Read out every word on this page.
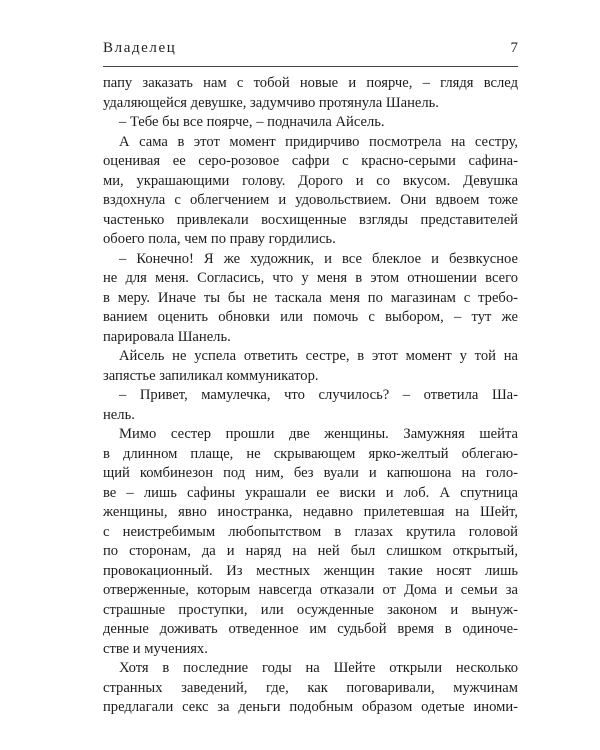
Владелец	7
папу заказать нам с тобой новые и поярче, – глядя вслед
удаляющейся девушке, задумчиво протянула Шанель.
– Тебе бы все поярче, – подначила Айсель.
А сама в этот момент придирчиво посмотрела на сестру,
оценивая ее серо-розовое сафри с красно-серыми сафина-
ми, украшающими голову. Дорого и со вкусом. Девушка
вздохнула с облегчением и удовольствием. Они вдвоем тоже
частенько привлекали восхищенные взгляды представителей
обоего пола, чем по праву гордились.
– Конечно! Я же художник, и все блеклое и безвкусное
не для меня. Согласись, что у меня в этом отношении всего
в меру. Иначе ты бы не таскала меня по магазинам с требо-
ванием оценить обновки или помочь с выбором, – тут же
парировала Шанель.
Айсель не успела ответить сестре, в этот момент у той на
запястье запиликал коммуникатор.
– Привет, мамулечка, что случилось? – ответила Ша-
нель.
Мимо сестер прошли две женщины. Замужняя шейта
в длинном плаще, не скрывающем ярко-желтый облегаю-
щий комбинезон под ним, без вуали и капюшона на голо-
ве – лишь сафины украшали ее виски и лоб. А спутница
женщины, явно иностранка, недавно прилетевшая на Шейт,
с неистребимым любопытством в глазах крутила головой
по сторонам, да и наряд на ней был слишком открытый,
провокационный. Из местных женщин такие носят лишь
отверженные, которым навсегда отказали от Дома и семьи за
страшные проступки, или осужденные законом и вынуж-
денные доживать отведенное им судьбой время в одиноче-
стве и мучениях.
Хотя в последние годы на Шейте открыли несколько
странных заведений, где, как поговаривали, мужчинам
предлагали секс за деньги подобным образом одетые иноми-
